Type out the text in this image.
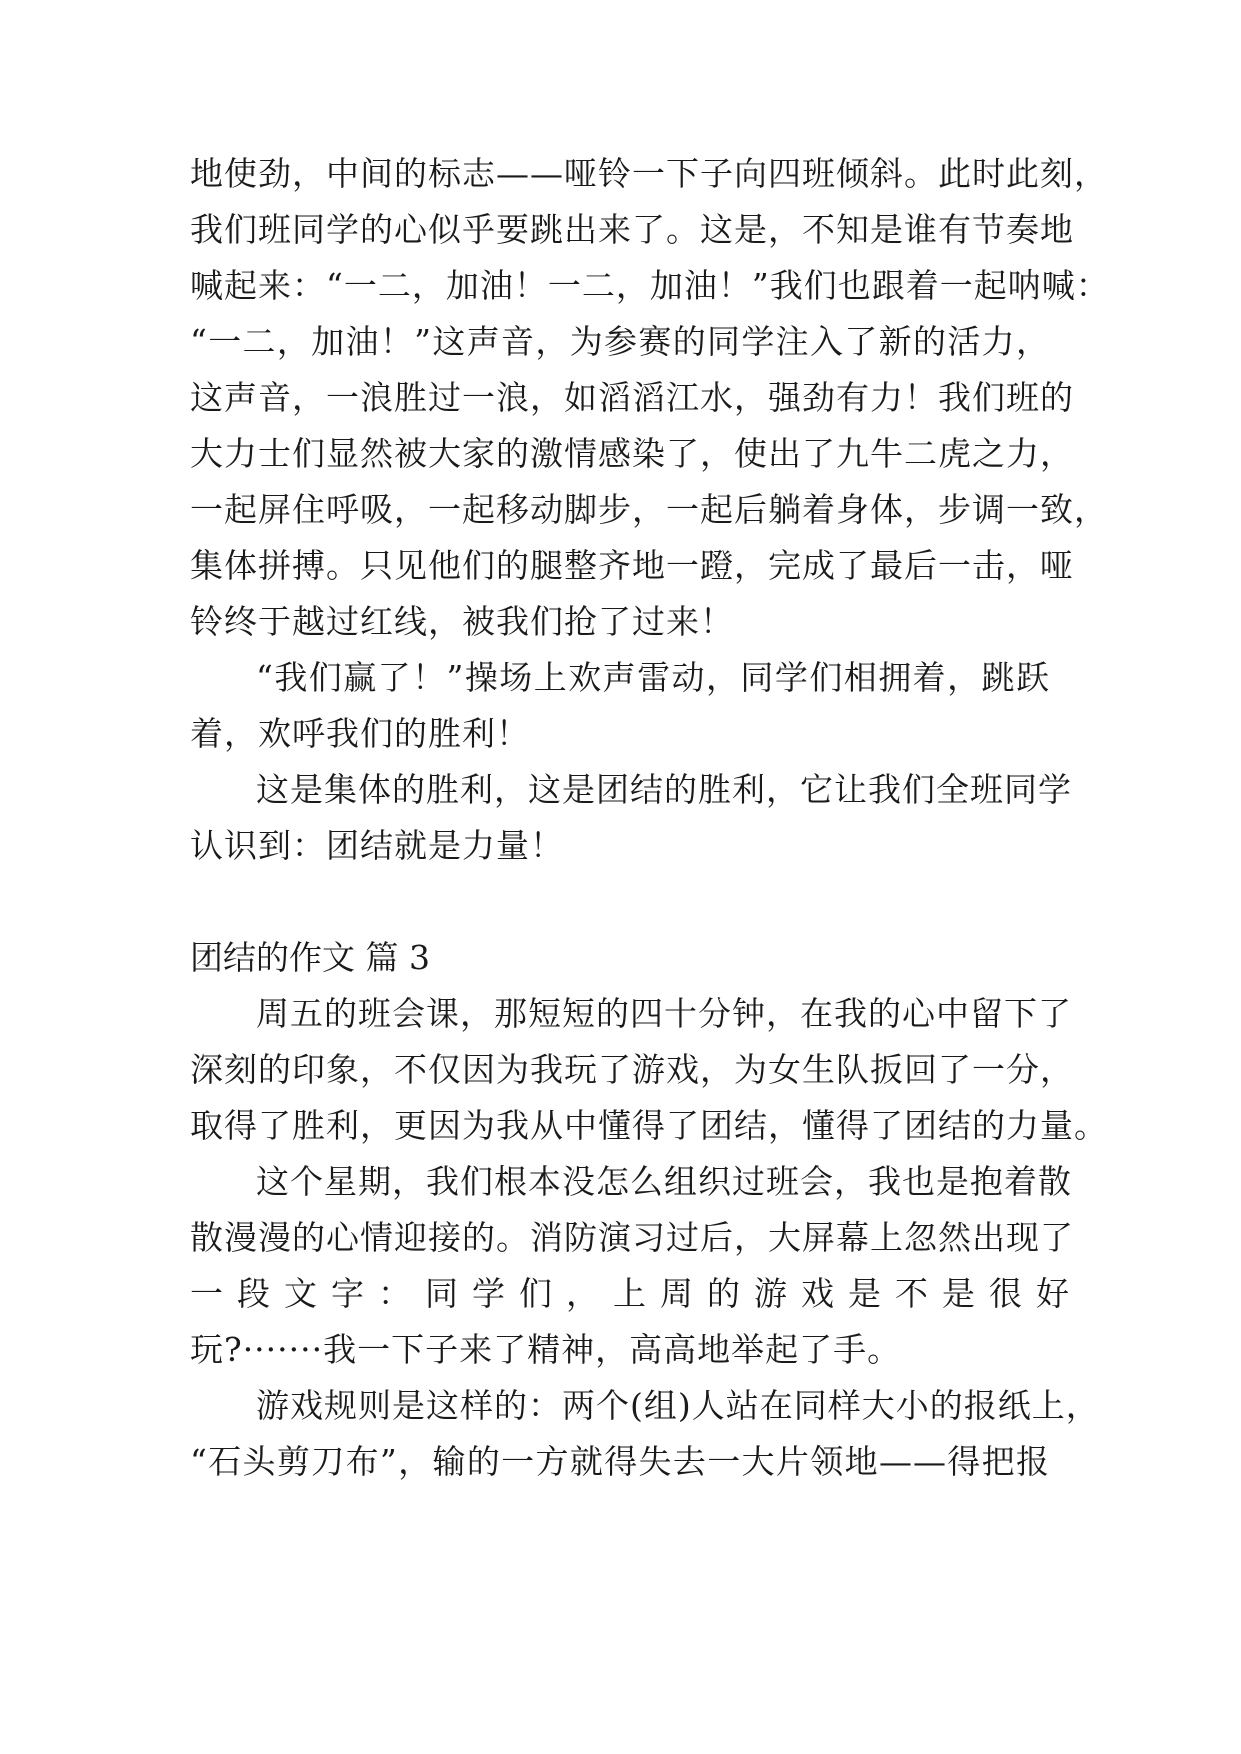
地使劲，中间的标志——哑铃一下子向四班倾斜。此时此刻，
我们班同学的心似乎要跳出来了。这是，不知是谁有节奏地
喊起来：“一二，加油！一二，加油！”我们也跟着一起呐喊：
“一二，加油！”这声音，为参赛的同学注入了新的活力，
这声音，一浪胜过一浪，如滔滔江水，强劲有力！我们班的
大力士们显然被大家的激情感染了，使出了九牛二虎之力，
一起屏住呼吸，一起移动脚步，一起后躺着身体，步调一致，
集体拼搏。只见他们的腿整齐地一蹬，完成了最后一击，哑
铃终于越过红线，被我们抢了过来！
“我们赢了！”操场上欢声雷动，同学们相拥着，跳跃
着，欢呼我们的胜利！
这是集体的胜利，这是团结的胜利，它让我们全班同学
认识到：团结就是力量！
团结的作文 篇 3
周五的班会课，那短短的四十分钟，在我的心中留下了
深刻的印象，不仅因为我玩了游戏，为女生队扳回了一分，
取得了胜利，更因为我从中懂得了团结，懂得了团结的力量。
这个星期，我们根本没怎么组织过班会，我也是抱着散
散漫漫的心情迎接的。消防演习过后，大屏幕上忽然出现了
一段文字：同学们，上周的游戏是不是很好
玩?·······我一下子来了精神，高高地举起了手。
游戏规则是这样的：两个(组)人站在同样大小的报纸上，
“石头剪刀布”，输的一方就得失去一大片领地——得把报
